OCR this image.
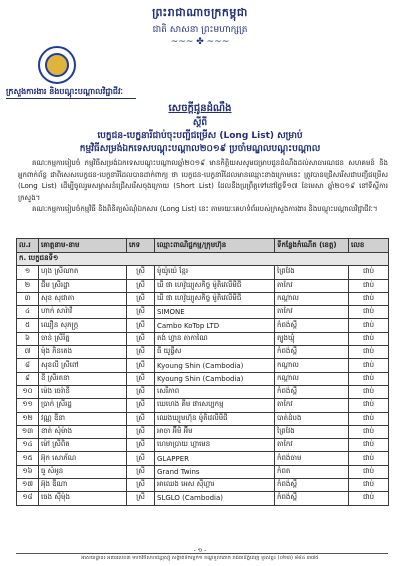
ព្រះរាជាណាចក្រកម្ពុជា
ជាតិ សាសនា ព្រះមហាក្សត្រ
~~~ ✤ ~~~
ក្រសួងការងារ និងបណ្តុះបណ្តាលវិជ្ជាជីវៈ
សេចក្តីជូនដំណឹង
ស្តីពី
បេក្ខជន-បេក្ខនារីជាប់ចុះបញ្ជីជម្រើស (Long List) សម្រាប់
កម្មវិធីសម្រង់ឯកទេសបណ្តុះបណ្តាល២០១៩ ប្រចាំមណ្ឌលបណ្តុះបណ្តាល

គណៈកម្មការរៀបចំ កម្មវិធីសម្រង់ឯកទេសបណ្តុះបណ្តាលឆ្នាំ២០១៩ មានកិត្តិយសសូមជម្រាបជូនដំណឹងដល់សាធារណជន សហគមន៍ និងអ្នកពាក់ព័ន្ធ ជាពិសេសបេក្ខជន-បេក្ខនារីដែលបានដាក់ពាក្យ ថា បេក្ខជន-បេក្ខនារីដែលមានឈ្មោះខាងក្រោមនេះ ត្រូវបានជ្រើសរើសជាបញ្ជីជម្រើស (Long List) ដើម្បីចូលរួមសម្ភាសន៍ជ្រើសរើសចុងក្រោយ (Short List) ដែលនឹងប្រព្រឹត្តទៅនៅថ្ងៃទី១៧ ខែមេសា ឆ្នាំ២០១៩ នៅទីស្តីការក្រសួង។

គណៈកម្មការរៀបចំកម្មវិធី និងពិនិត្យសំណុំឯកសារ (Long List) នេះ តាមរយៈគេហទំព័ររបស់ក្រសួងការងារ និងបណ្តុះបណ្តាលវិជ្ជាជីវៈ។

ល.រ	គោត្តនាម-នាម	ភេទ	ឈ្មោះពាណិជ្ជកម្ម/ក្រុមហ៊ុន	ទីកន្លែងកំណើត (ខេត្ត)	លេខ
ក. បេក្ខជនទី១					
១	ហុង ស្រីណាត	ស្រី	ម៉ូយ៉ូយ៉េ ខ្មែរ	ព្រៃវែង	ជាប់
២	ជឹម ស្រីរដ្ឋា	ស្រី	ឃី ផា ហេវ៉ូឃ្យូសកិច្ច ម៉ូតិវេលីមីជី	តាកែវ	ជាប់
៣	សុខ សុជាតា	ស្រី	ឃី ផា ហេវ៉ូឃ្យូសកិច្ច ម៉ូតិវេលីមីជី	កណ្តាល	ជាប់
៤	ហាក់ សារ៉ាវី	ស្រី	SIMONE	តាកែវ	ជាប់
៥	ឈឿន សុភក្ត្រ	ស្រី	Cambo KoTop LTD	កំពង់ស្ពឺ	ជាប់
៦	ចាន់ ស្រីរ័ត្ន	ស្រី	តង់ ហ្វាន តាកាណៃ	ត្បូងឃ្មុំ	ជាប់
៧	ម៉ុង ភិនតេង	ស្រី	ធី យូធ្វីស	កំពង់ស្ពឺ	ជាប់
៨	សុខលី ស្រីពៅ	ស្រី	Kyoung Shin (Cambodia)	កណ្តាល	ជាប់
៩	ខី ស្រីរតនា	ស្រី	Kyoung Shin (Cambodia)	កណ្តាល	ជាប់
១០	ម៉េង ចេរ៉ានី	ស្រី	សេរីភាព	កំពង់ស្ពឺ	ជាប់
១១	ប្រាក់ ស្រីរដ្ឋ	ស្រី	ឃេហេង គីម ផាសេប្បកម្ម	តាកែវ	ជាប់
១២	វណ្ណ ឌីនា	ស្រី	ឈេងឃ្យូមហ៊ុន ម៉ូតិវេលីមីជី	បាត់ដំបង	ជាប់
១៣	ខាត់ សុំម៉ាង	ស្រី	អាចា អ៊ីមិ អ៊ឹម	ព្រៃវែង	ជាប់
១៤	ម៉ៅ ស្រីពិត	ស្រី	ហេមាប្រាយ ហ្គាមេន	តាកែវ	ជាប់
១៥	អ៊ុក សោភ័ណ	ស្រី	GLAPPER	កំពង់ចាម	ជាប់
១៦	ធួ សំអូន	ស្រី	Grand Twins	កំពត	ជាប់
១៧	អ៊ុង ឌីណា	ស្រី	អាឈេង អេស ស៊ីហ្គារ	កំពង់ស្ពឺ	ជាប់
១៨	ចេង ស៊ីម៉ុង	ស្រី	SLGLO (Cambodia)	កំពង់ស្ពឺ	ជាប់
- ១ -
អាសយដ្ឋាន៖ អគារលេខ៣ មហាវិថីសហព័ន្ធរុស្ស៊ី សង្កាត់ទឹកល្អក់១ ខណ្ឌទួលគោក រាជធានីភ្នំពេញ ទូរស័ព្ទ៖ (០២៣) ៨៨៤ ៣៧៥
